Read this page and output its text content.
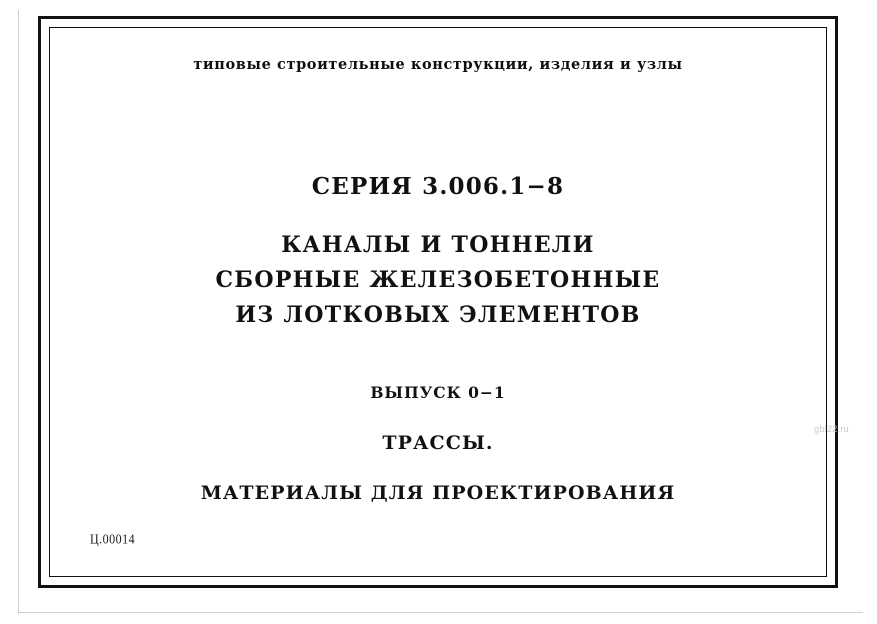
типовые строительные конструкции, изделия и узлы
СЕРИЯ 3.006.1−8
КАНАЛЫ И ТОННЕЛИ
СБОРНЫЕ ЖЕЛЕЗОБЕТОННЫЕ
ИЗ ЛОТКОВЫХ ЭЛЕМЕНТОВ
ВЫПУСК 0−1
ТРАССЫ.
МАТЕРИАЛЫ ДЛЯ ПРОЕКТИРОВАНИЯ
Ц.00014
gbi22.ru
